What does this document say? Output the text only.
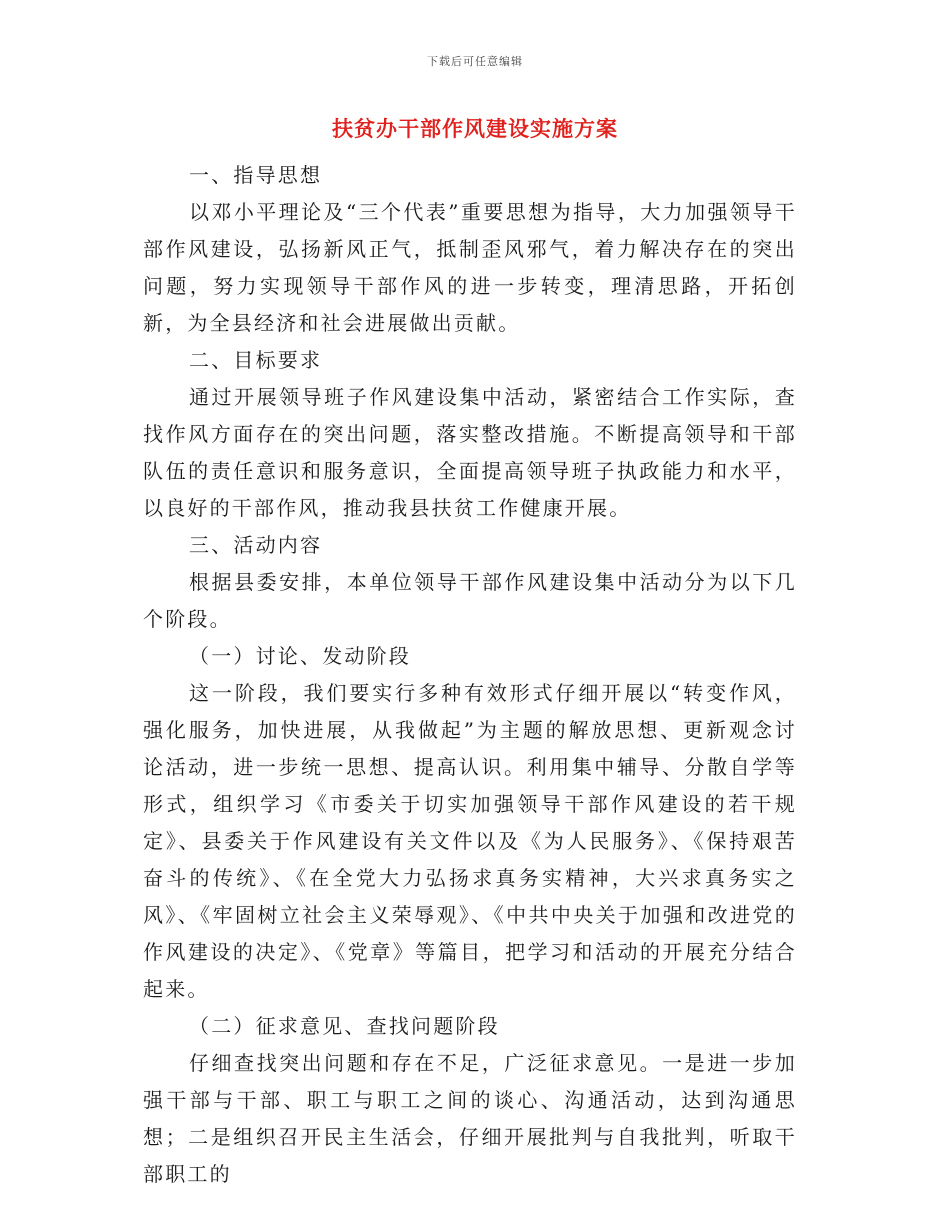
下载后可任意编辑
扶贫办干部作风建设实施方案

一、指导思想

以邓小平理论及“三个代表”重要思想为指导，大力加强领导干部作风建设，弘扬新风正气，抵制歪风邪气，着力解决存在的突出问题，努力实现领导干部作风的进一步转变，理清思路，开拓创新，为全县经济和社会进展做出贡献。

二、目标要求

通过开展领导班子作风建设集中活动，紧密结合工作实际，查找作风方面存在的突出问题，落实整改措施。不断提高领导和干部队伍的责任意识和服务意识，全面提高领导班子执政能力和水平，以良好的干部作风，推动我县扶贫工作健康开展。

三、活动内容

根据县委安排，本单位领导干部作风建设集中活动分为以下几个阶段。

（一）讨论、发动阶段

这一阶段，我们要实行多种有效形式仔细开展以“转变作风，强化服务，加快进展，从我做起”为主题的解放思想、更新观念讨论活动，进一步统一思想、提高认识。利用集中辅导、分散自学等形式，组织学习《市委关于切实加强领导干部作风建设的若干规定》、县委关于作风建设有关文件以及《为人民服务》、《保持艰苦奋斗的传统》、《在全党大力弘扬求真务实精神，大兴求真务实之风》、《牢固树立社会主义荣辱观》、《中共中央关于加强和改进党的作风建设的决定》、《党章》等篇目，把学习和活动的开展充分结合起来。

（二）征求意见、查找问题阶段

仔细查找突出问题和存在不足，广泛征求意见。一是进一步加强干部与干部、职工与职工之间的谈心、沟通活动，达到沟通思想；二是组织召开民主生活会，仔细开展批判与自我批判，听取干部职工的
